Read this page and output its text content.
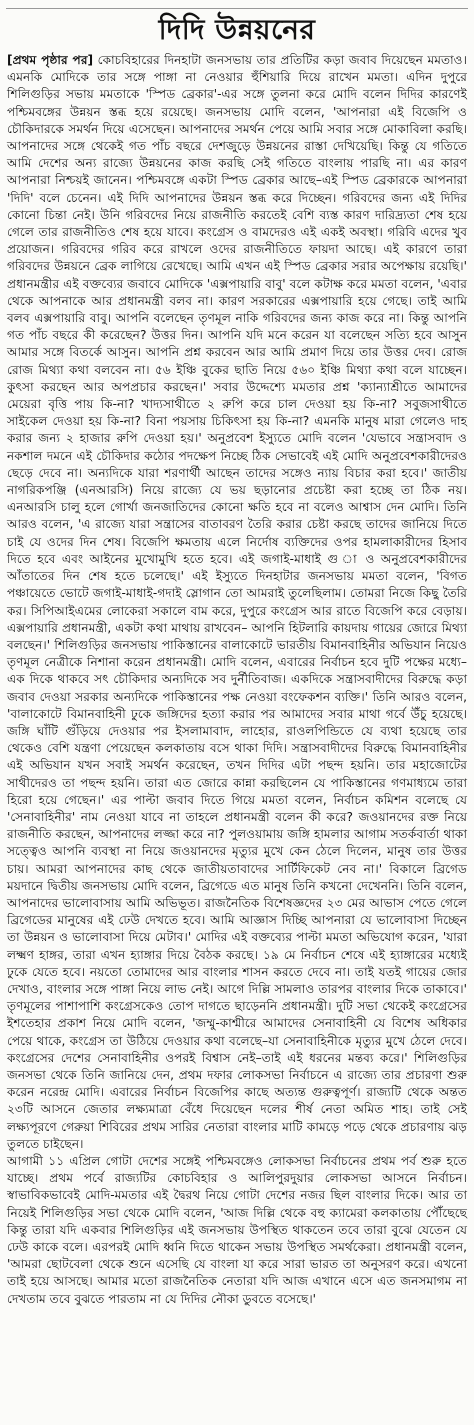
দিদি উন্নয়নের

[প্রথম পৃষ্ঠার পর] কোচবিহারের দিনহাটা জনসভায় তার প্রতিটির কড়া জবাব দিয়েছেন মমতাও। এমনকি মোদিকে তার সঙ্গে পাঙ্গা না নেওয়ার হুঁশিয়ারি দিয়ে রাখেন মমতা। এদিন দুপুরে শিলিগুড়ির সভায় মমতাকে 'স্পিড ব্রেকার'-এর সঙ্গে তুলনা করে মোদি বলেন দিদির কারণেই পশ্চিমবঙ্গের উন্নয়ন স্তব্ধ হয়ে রয়েছে। জনসভায় মোদি বলেন, 'আপনারা এই বিজেপি ও চৌকিদারকে সমর্থন দিয়ে এসেছেন। আপনাদের সমর্থন পেয়ে আমি সবার সঙ্গে মোকাবিলা করছি। আপনাদের সঙ্গে থেকেই গত পাঁচ বছরে দেশজুড়ে উন্নয়নের রাস্তা দেখিয়েছি। কিন্তু যে গতিতে আমি দেশের অন্য রাজ্যে উন্নয়নের কাজ করছি সেই গতিতে বাংলায় পারছি না। এর কারণ আপনারা নিশ্চয়ই জানেন। পশ্চিমবঙ্গে একটা স্পিড ব্রেকার আছে–এই স্পিড ব্রেকারকে আপনারা 'দিদি' বলে চেনেন। এই দিদি আপনাদের উন্নয়ন স্তব্ধ করে দিচ্ছেন। গরিবদের জন্য এই দিদির কোনো চিন্তা নেই। উনি গরিবদের নিয়ে রাজনীতি করতেই বেশি ব্যস্ত কারণ দারিদ্র্যতা শেষ হয়ে গেলে তার রাজনীতিও শেষ হয়ে যাবে। কংগ্রেস ও বামদেরও এই একই অবস্থা। গরিবি এদের খুব প্রয়োজন। গরিবদের গরিব করে রাখলে ওদের রাজনীতিতে ফায়দা আছে। এই কারণে তারা গরিবদের উন্নয়নে ব্রেক লাগিয়ে রেখেছে। আমি এখন এই স্পিড ব্রেকার সরার অপেক্ষায় রয়েছি।' প্রধানমন্ত্রীর এই বক্তব্যের জবাবে মোদিকে 'এক্সপায়ারি বাবু' বলে কটাক্ষ করে মমতা বলেন, 'এবার থেকে আপনাকে আর প্রধানমন্ত্রী বলব না। কারণ সরকারের এক্সপায়ারি হয়ে গেছে। তাই আমি বলব এক্সপায়ারি বাবু। আপনি বলেছেন তৃণমূল নাকি গরিবদের জন্য কাজ করে না। কিন্তু আপনি গত পাঁচ বছরে কী করেছেন? উত্তর দিন। আপনি যদি মনে করেন যা বলেছেন সত্যি হবে আসুন আমার সঙ্গে বিতর্কে আসুন। আপনি প্রশ্ন করবেন আর আমি প্রমাণ দিয়ে তার উত্তর দেব। রোজ রোজ মিথ্যা কথা বলবেন না। ৫৬ ইঞ্চি বুকের ছাতি নিয়ে ৫৬০ ইঞ্চি মিথ্যা কথা বলে যাচ্ছেন। কুৎসা করছেন আর অপপ্রচার করছেন।' সবার উদ্দেশ্যে মমতার প্রশ্ন 'ক্যান্যাশ্রীতে আমাদের মেয়েরা বৃত্তি পায় কি-না? খাদ্যসাথীতে ২ রুপি করে চাল দেওয়া হয় কি-না? সবুজসাথীতে সাইকেল দেওয়া হয় কি-না? বিনা পয়সায় চিকিৎসা হয় কি-না? এমনকি মানুষ মারা গেলেও দাহ করার জন্য ২ হাজার রুপি দেওয়া হয়।' অনুপ্রবেশ ইস্যুতে মোদি বলেন 'যেভাবে সন্ত্রাসবাদ ও নকশাল দমনে এই চৌকিদার কঠোর পদক্ষেপ নিচ্ছে ঠিক সেভাবেই এই মোদি অনুপ্রবেশকারীদেরও ছেড়ে দেবে না। অন্যদিকে যারা শরণার্থী আছেন তাদের সঙ্গেও ন্যায় বিচার করা হবে।' জাতীয় নাগরিকপঞ্জি (এনআরসি) নিয়ে রাজ্যে যে ভয় ছড়ানোর প্রচেষ্টা করা হচ্ছে তা ঠিক নয়। এনআরসি চালু হলে গোর্খা জনজাতিদের কোনো ক্ষতি হবে না বলেও আশ্বাস দেন মোদি। তিনি আরও বলেন, 'এ রাজ্যে যারা সন্ত্রাসের বাতাবরণ তৈরি করার চেষ্টা করছে তাদের জানিয়ে দিতে চাই যে ওদের দিন শেষ। বিজেপি ক্ষমতায় এলে নির্দোষ ব্যক্তিদের ওপর হামলাকারীদের হিসাব দিতে হবে এবং আইনের মুখোমুখি হতে হবে। এই জগাই-মাধাই গু া ও অনুপ্রবেশকারীদের আঁতাতের দিন শেষ হতে চলেছে।' এই ইস্যুতে দিনহাটার জনসভায় মমতা বলেন, 'বিগত পঞ্চায়েতে ভোটে জগাই-মাধাই-গদাই স্লোগান তো আমরাই তুলেছিলাম। তোমরা নিজে কিছু তৈরি কর। সিপিআইএমের লোকেরা সকালে বাম করে, দুপুরে কংগ্রেস আর রাতে বিজেপি করে বেড়ায়। এক্সপায়ারি প্রধানমন্ত্রী, একটা কথা মাথায় রাখবেন– আপনি হিটলারি কায়দায় গায়ের জোরে মিথ্যা বলছেন।' শিলিগুড়ির জনসভায় পাকিস্তানের বালাকোটে ভারতীয় বিমানবাহিনীর অভিযান নিয়েও তৃণমূল নেত্রীকে নিশানা করেন প্রধানমন্ত্রী। মোদি বলেন, এবারের নির্বাচন হবে দুটি পক্ষের মধ্যে– এক দিকে থাকবে সৎ চৌকিদার অন্যদিকে সব দুর্নীতিবাজ। একদিকে সন্ত্রাসবাদীদের বিরুদ্ধে কড়া জবাব দেওয়া সরকার অন্যদিকে পাকিস্তানের পক্ষ নেওয়া বংফেকশন ব্যক্তি।' তিনি আরও বলেন, 'বালাকোটে বিমানবাহিনী ঢুকে জঙ্গিদের হত্যা করার পর আমাদের সবার মাথা গর্বে উঁচু হয়েছে। জঙ্গি ঘাঁটি গুঁড়িয়ে দেওয়ার পর ইসলামাবাদ, লাহোর, রাওলপিন্ডিতে যে ব্যথা হয়েছে তার থেকেও বেশি যন্ত্রণা পেয়েছেন কলকাতায় বসে থাকা দিদি। সন্ত্রাসবাদীদের বিরুদ্ধে বিমানবাহিনীর এই অভিযান যখন সবাই সমর্থন করেছেন, তখন দিদির এটা পছন্দ হয়নি। তার মহাজোটের সাথীদেরও তা পছন্দ হয়নি। তারা এত জোরে কান্না করছিলেন যে পাকিস্তানের গণমাধ্যমে তারা হিরো হয়ে গেছেন।' এর পাল্টা জবাব দিতে গিয়ে মমতা বলেন, নির্বাচন কমিশন বলেছে যে 'সেনাবাহিনীর' নাম নেওয়া যাবে না তাহলে প্রধানমন্ত্রী বলেন কী করে? জওয়ানদের রক্ত নিয়ে রাজনীতি করছেন, আপনাদের লজ্জা করে না? পুলওয়ামায় জঙ্গি হামলার আগাম সতর্কবার্তা থাকা সত্ত্বেও আপনি ব্যবস্থা না নিয়ে জওয়ানদের মৃত্যুর মুখে কেন ঠেলে দিলেন, মানুষ তার উত্তর চায়। আমরা আপনাদের কাছ থেকে জাতীয়তাবাদের সার্টিফিকেট নেব না।' বিকালে ব্রিগেড ময়দানে দ্বিতীয় জনসভায় মোদি বলেন, ব্রিগেডে এত মানুষ তিনি কখনো দেখেননি। তিনি বলেন, আপনাদের ভালোবাসায় আমি অভিভূত। রাজনৈতিক বিশেষজ্ঞদের ২৩ মের আভাস পেতে গেলে ব্রিগেডের মানুষের এই ঢেউ দেখতে হবে। আমি আজ্ঞাস দিচ্ছি আপনারা যে ভালোবাসা দিচ্ছেন তা উন্নয়ন ও ভালোবাসা দিয়ে মেটাব।' মোদির এই বক্তব্যের পাল্টা মমতা অভিযোগ করেন, 'যারা লক্ষ্মণ হাঙ্গর, তারা এখন হ্যাঙ্গার দিয়ে বৈঠক করছে। ১৯ মে নির্বাচন শেষে এই হ্যাঙ্গারের মধ্যেই ঢুকে যেতে হবে। নয়তো তোমাদের আর বাংলার শাসন করতে দেবে না। তাই যতই গায়ের জোর দেখাও, বাংলার সঙ্গে পাঙ্গা নিয়ে লাভ নেই। আগে দিল্লি সামলাও তারপর বাংলার দিকে তাকাবে।' তৃণমূলের পাশাপাশি কংগ্রেসকেও তোপ দাগতে ছাড়েননি প্রধানমন্ত্রী। দুটি সভা থেকেই কংগ্রেসের ইশতেহার প্রকাশ নিয়ে মোদি বলেন, 'জম্মু-কাশ্মীরে আমাদের সেনাবাহিনী যে বিশেষ অধিকার পেয়ে থাকে, কংগ্রেস তা উঠিয়ে দেওয়ার কথা বলেছে–যা সেনাবাহিনীকে মৃত্যুর মুখে ঠেলে দেবে। কংগ্রেসের দেশের সেনাবাহিনীর ওপরই বিশ্বাস নেই–তাই এই ধরনের মন্তব্য করে।' শিলিগুড়ির জনসভা থেকে তিনি জানিয়ে দেন, প্রথম দফার লোকসভা নির্বাচনে এ রাজ্যে তার প্রচারণা শুরু করেন নরেন্দ্র মোদি। এবারের নির্বাচন বিজেপির কাছে অত্যন্ত গুরুত্বপূর্ণ। রাজ্যটি থেকে অন্তত ২৩টি আসনে জেতার লক্ষ্যমাত্রা বেঁধে দিয়েছেন দলের শীর্ষ নেতা অমিত শাহ। তাই সেই লক্ষ্যপূরণে গেরুয়া শিবিরের প্রথম সারির নেতারা বাংলার মাটি কামড়ে পড়ে থেকে প্রচারণায় ঝড় তুলতে চাইছেন।

আগামী ১১ এপ্রিল গোটা দেশের সঙ্গেই পশ্চিমবঙ্গেও লোকসভা নির্বাচনের প্রথম পর্ব শুরু হতে যাচ্ছে। প্রথম পর্বে রাজ্যটির কোচবিহার ও আলিপুরদুয়ার লোকসভা আসনে নির্বাচন। স্বাভাবিকভাবেই মোদি-মমতার এই দ্বৈরথ নিয়ে গোটা দেশের নজর ছিল বাংলার দিকে। আর তা নিয়েই শিলিগুড়ির সভা থেকে মোদি বলেন, 'আজ দিল্লি থেকে বহু ক্যামেরা কলকাতায় পৌঁছেছে কিন্তু তারা যদি একবার শিলিগুড়ির এই জনসভায় উপস্থিত থাকতেন তবে তারা বুঝে যেতেন যে ঢেউ কাকে বলে। এরপরই মোদি ধ্বনি দিতে থাকেন সভায় উপস্থিত সমর্থকেরা। প্রধানমন্ত্রী বলেন, 'আমরা ছোটবেলা থেকে শুনে এসেছি যে বাংলা যা করে সারা ভারত তা অনুসরণ করে। এখনো তাই হয়ে আসছে। আমার মতো রাজনৈতিক নেতারা যদি আজ এখানে এসে এত জনসমাগম না দেখতাম তবে বুঝতে পারতাম না যে দিদির নৌকা ডুবতে বসেছে।'
